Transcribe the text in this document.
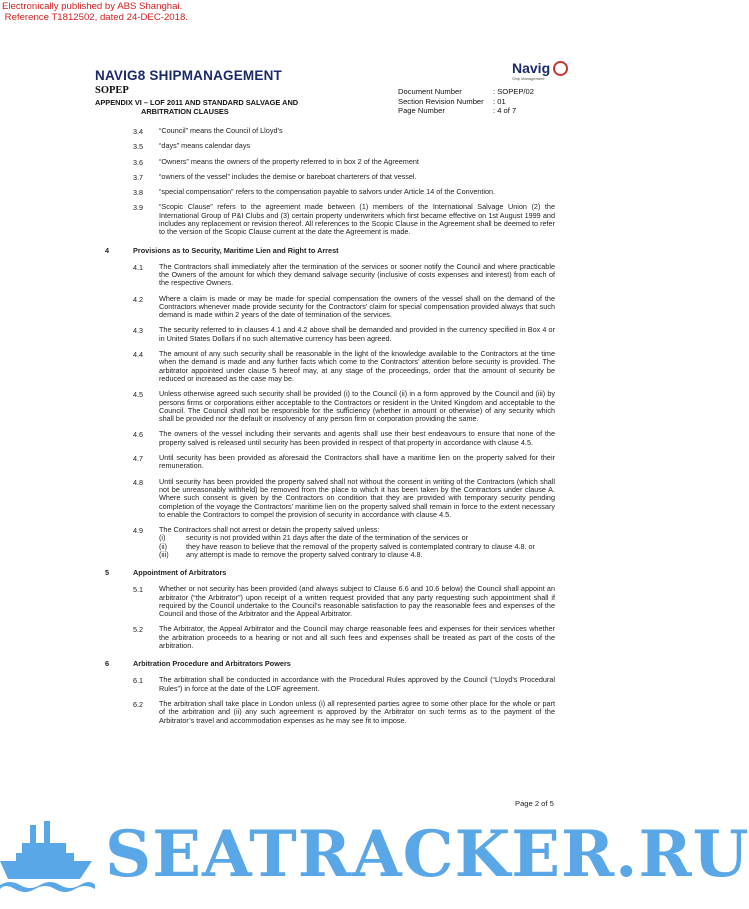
Electronically published by ABS Shanghai.
Reference T1812502, dated 24-DEC-2018.
NAVIG8 SHIPMANAGEMENT	Navig
Ship Management
SOPEP
APPENDIX VI – LOF 2011 AND STANDARD SALVAGE AND
ARBITRATION CLAUSES
Document Number	: SOPEP/02
Section Revision Number	: 01
Page Number	: 4 of 7
3.4 “Council” means the Council of Lloyd’s
3.5 “days” means calendar days
3.6 “Owners” means the owners of the property referred to in box 2 of the Agreement
3.7 “owners of the vessel” includes the demise or bareboat charterers of that vessel.
3.8 “special compensation” refers to the compensation payable to salvors under Article 14 of the Convention.
3.9 “Scopic Clause” refers to the agreement made between (1) members of the International Salvage Union (2) the International Group of P&I Clubs and (3) certain property underwriters which first became effective on 1st August 1999 and includes any replacement or revision thereof. All references to the Scopic Clause in the Agreement shall be deemed to refer to the version of the Scopic Clause current at the date the Agreement is made.
4	Provisions as to Security, Maritime Lien and Right to Arrest
4.1 The Contractors shall immediately after the termination of the services or sooner notify the Council and where practicable the Owners of the amount for which they demand salvage security (inclusive of costs expenses and interest) from each of the respective Owners.
4.2 Where a claim is made or may be made for special compensation the owners of the vessel shall on the demand of the Contractors whenever made provide security for the Contractors’ claim for special compensation provided always that such demand is made within 2 years of the date of termination of the services.
4.3 The security referred to in clauses 4.1 and 4.2 above shall be demanded and provided in the currency specified in Box 4 or in United States Dollars if no such alternative currency has been agreed.
4.4 The amount of any such security shall be reasonable in the light of the knowledge available to the Contractors at the time when the demand is made and any further facts which come to the Contractors’ attention before security is provided. The arbitrator appointed under clause 5 hereof may, at any stage of the proceedings, order that the amount of security be reduced or increased as the case may be.
4.5 Unless otherwise agreed such security shall be provided (i) to the Council (ii) in a form approved by the Council and (iii) by persons firms or corporations either acceptable to the Contractors or resident in the United Kingdom and acceptable to the Council. The Council shall not be responsible for the sufficiency (whether in amount or otherwise) of any security which shall be provided nor the default or insolvency of any person firm or corporation providing the same.
4.6 The owners of the vessel including their servants and agents shall use their best endeavours to ensure that none of the property salved is released until security has been provided in respect of that property in accordance with clause 4.5.
4.7 Until security has been provided as aforesaid the Contractors shall have a maritime lien on the property salved for their remuneration.
4.8 Until security has been provided the property salved shall not without the consent in writing of the Contractors (which shall not be unreasonably withheld) be removed from the place to which it has been taken by the Contractors under clause A. Where such consent is given by the Contractors on condition that they are provided with temporary security pending completion of the voyage the Contractors’ maritime lien on the property salved shall remain in force to the extent necessary to enable the Contractors to compel the provision of security in accordance with clause 4.5.
4.9 The Contractors shall not arrest or detain the property salved unless:
(i)	security is not provided within 21 days after the date of the termination of the services or
(ii)	they have reason to believe that the removal of the property salved is contemplated contrary to clause 4.8. or
(iii) any attempt is made to remove the property salved contrary to clause 4.8.
5	Appointment of Arbitrators
5.1 Whether or not security has been provided (and always subject to Clause 6.6 and 10.6 below) the Council shall appoint an arbitrator (“the Arbitrator”) upon receipt of a written request provided that any party requesting such appointment shall if required by the Council undertake to the Council’s reasonable satisfaction to pay the reasonable fees and expenses of the Council and those of the Arbitrator and the Appeal Arbitrator.
5.2 The Arbitrator, the Appeal Arbitrator and the Council may charge reasonable fees and expenses for their services whether the arbitration proceeds to a hearing or not and all such fees and expenses shall be treated as part of the costs of the arbitration.
6	Arbitration Procedure and Arbitrators Powers
6.1 The arbitration shall be conducted in accordance with the Procedural Rules approved by the Council (“Lloyd’s Procedural Rules”) in force at the date of the LOF agreement.
6.2 The arbitration shall take place in London unless (i) all represented parties agree to some other place for the whole or part of the arbitration and (ii) any such agreement is approved by the Arbitrator on such terms as to the payment of the Arbitrator’s travel and accommodation expenses as he may see fit to impose.
Page 2 of 5
SEATRACKER.RU
